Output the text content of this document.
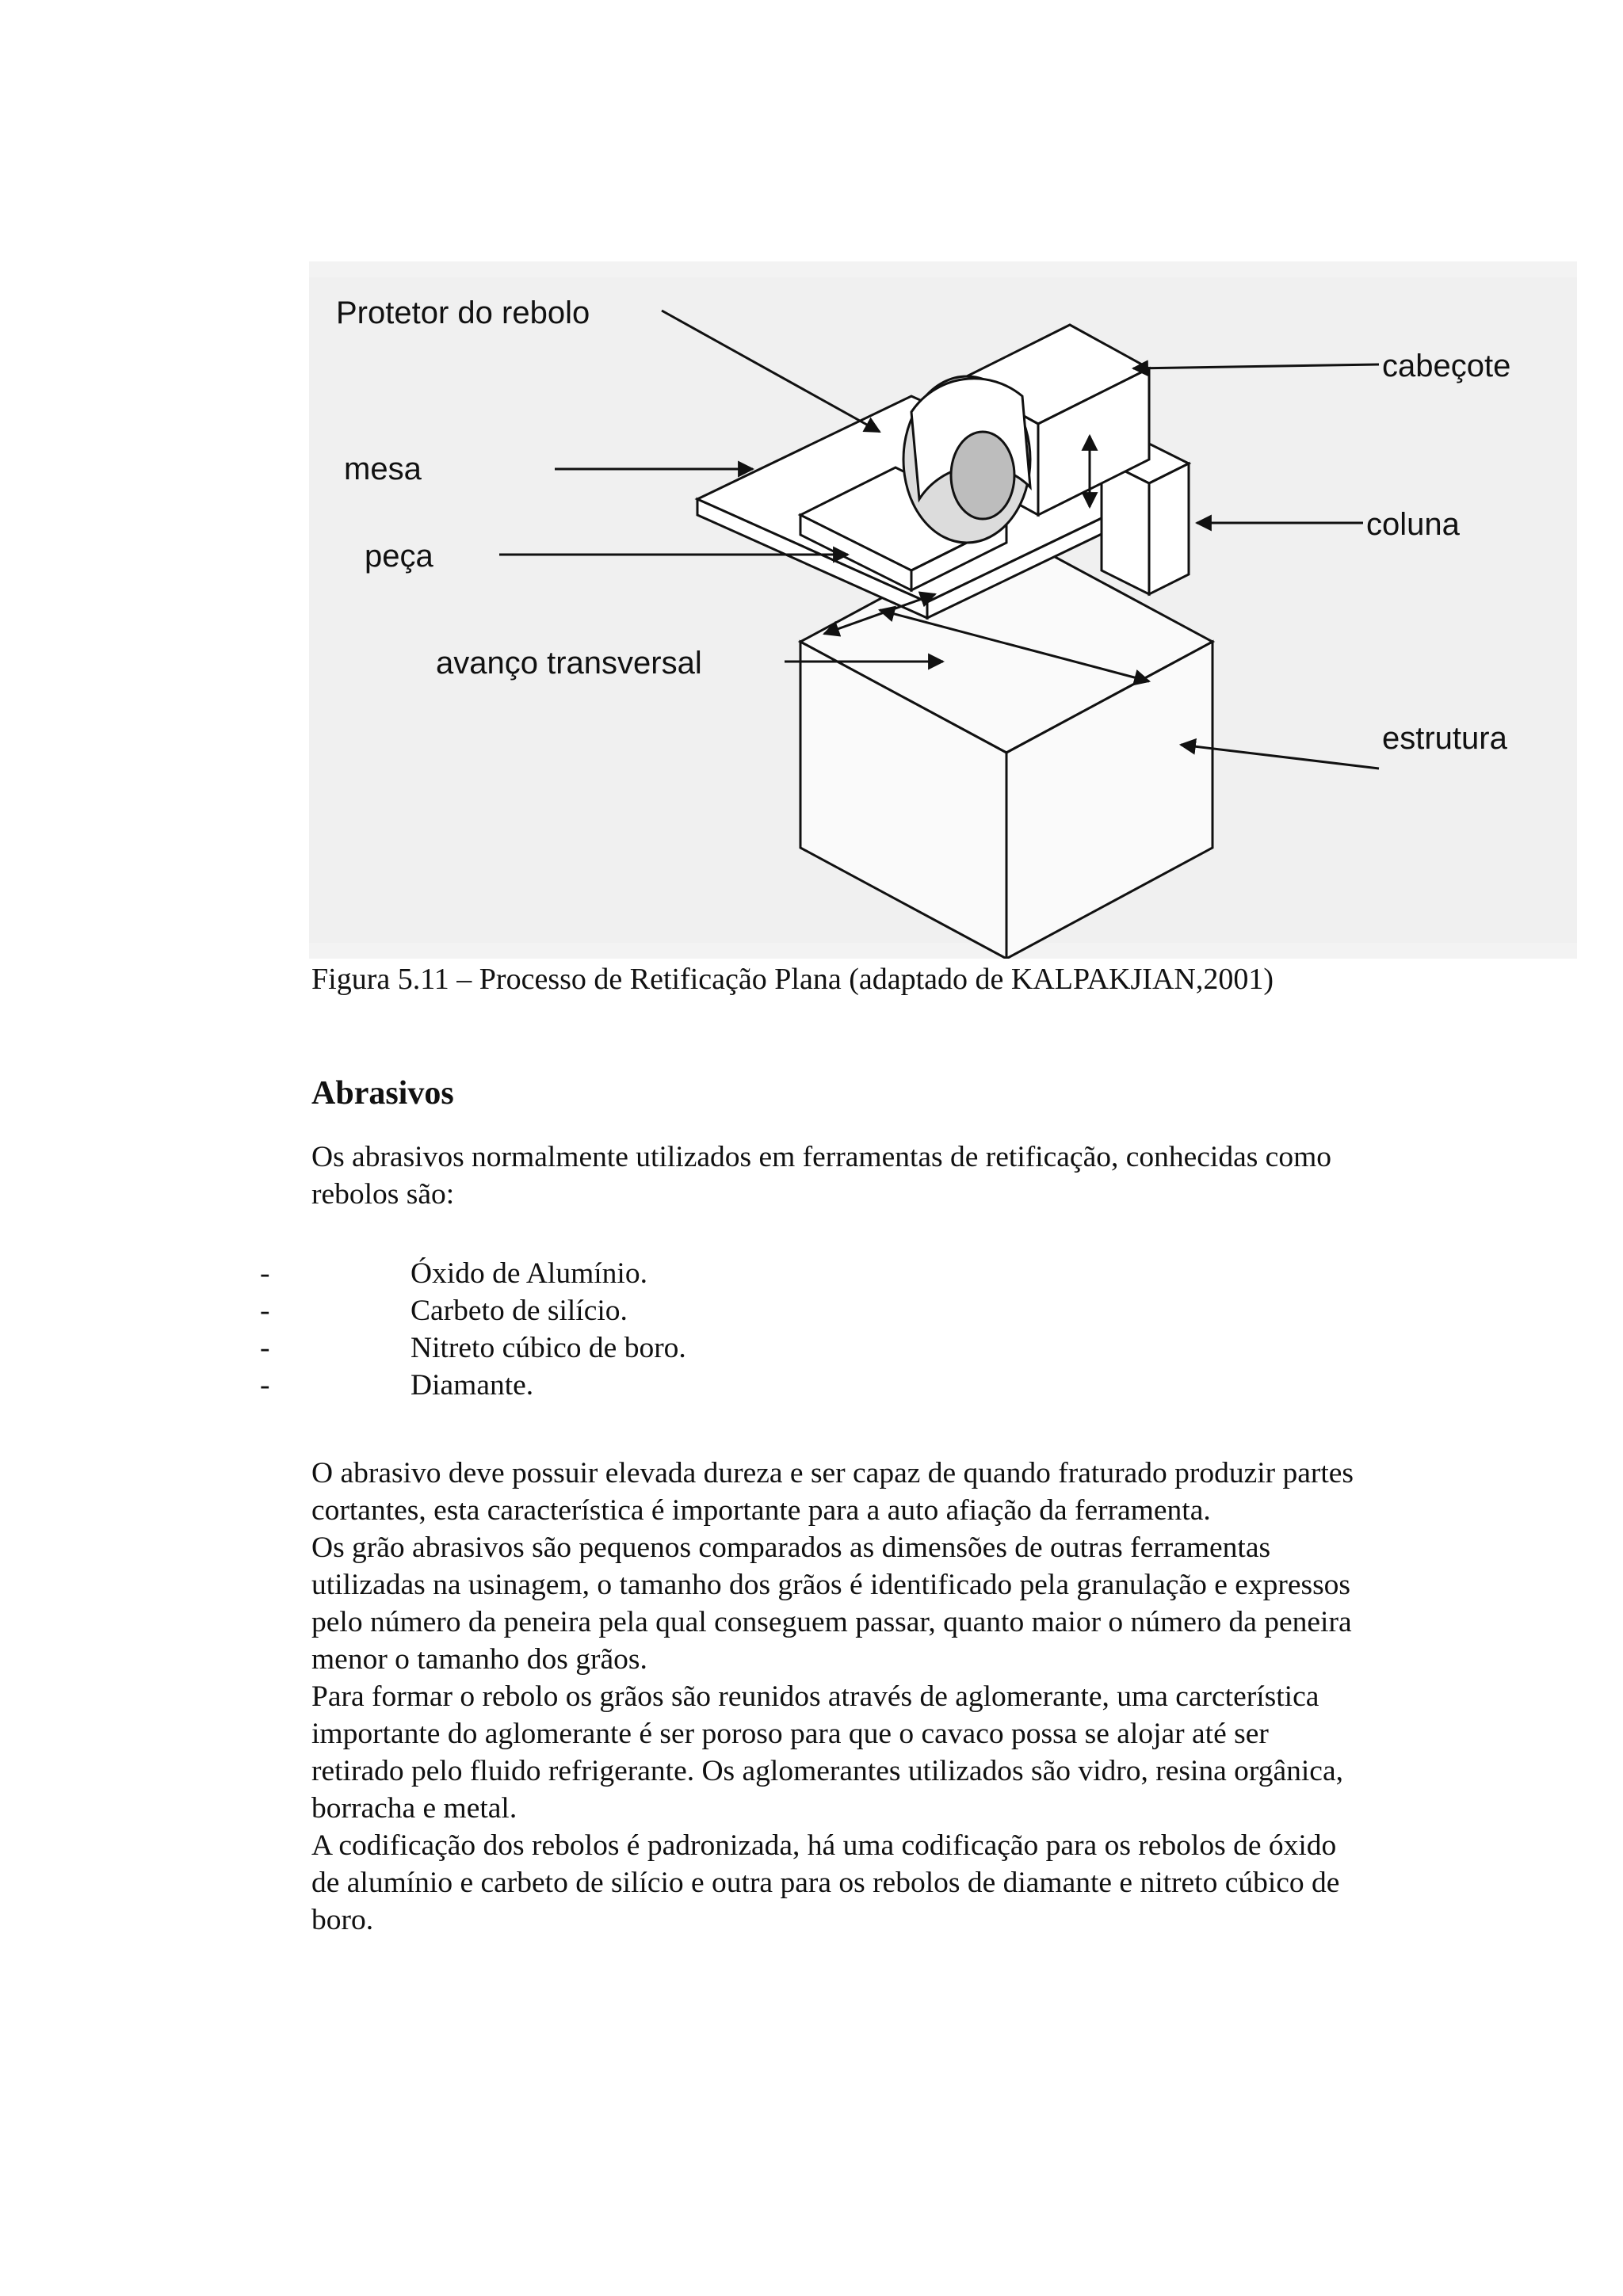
Protetor do rebolo
cabeçote
mesa
coluna
peça
avanço transversal
estrutura
Figura 5.11 – Processo de Retificação Plana (adaptado de KALPAKJIAN,2001)
Abrasivos
Os abrasivos normalmente utilizados em ferramentas de retificação, conhecidas como
rebolos são:
-	Óxido de Alumínio.
-	Carbeto de silício.
-	Nitreto cúbico de boro.
-	Diamante.
O abrasivo deve possuir elevada dureza e ser capaz de quando fraturado produzir partes
cortantes, esta característica é importante para a auto afiação da ferramenta.
Os grão abrasivos são pequenos comparados as dimensões de outras ferramentas
utilizadas na usinagem, o tamanho dos grãos é identificado pela granulação e expressos
pelo número da peneira pela qual conseguem passar, quanto maior o número da peneira
menor o tamanho dos grãos.
Para formar o rebolo os grãos são reunidos através de aglomerante, uma carcterística
importante do aglomerante é ser poroso para que o cavaco possa se alojar até ser
retirado pelo fluido refrigerante. Os aglomerantes utilizados são vidro, resina orgânica,
borracha e metal.
A codificação dos rebolos é padronizada, há uma codificação para os rebolos de óxido
de alumínio e carbeto de silício e outra para os rebolos de diamante e nitreto cúbico de
boro.
